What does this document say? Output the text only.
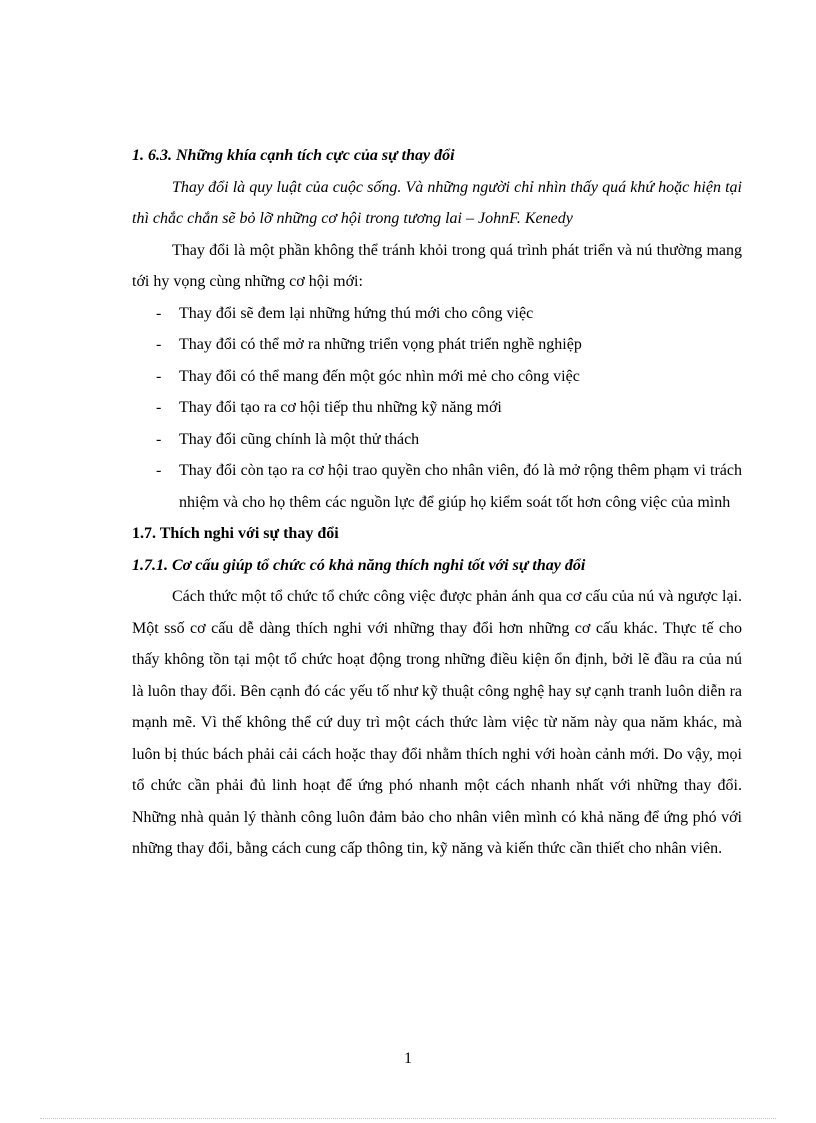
1. 6.3. Những khía cạnh tích cực của sự thay đổi

Thay đổi là quy luật của cuộc sống. Và những người chỉ nhìn thấy quá khứ hoặc hiện tại thì chắc chắn sẽ bỏ lỡ những cơ hội trong tương lai – JohnF. Kenedy

Thay đổi là một phần không thể tránh khỏi trong quá trình phát triển và nú thường mang tới hy vọng cùng những cơ hội mới:

- Thay đổi sẽ đem lại những hứng thú mới cho công việc
- Thay đổi có thể mở ra những triển vọng phát triển nghề nghiệp
- Thay đổi có thể mang đến một góc nhìn mới mẻ cho công việc
- Thay đổi tạo ra cơ hội tiếp thu những kỹ năng mới
- Thay đổi cũng chính là một thử thách
- Thay đổi còn tạo ra cơ hội trao quyền cho nhân viên, đó là mở rộng thêm phạm vi trách nhiệm và cho họ thêm các nguồn lực để giúp họ kiểm soát tốt hơn công việc của mình

1.7. Thích nghi với sự thay đổi

1.7.1. Cơ cấu giúp tổ chức có khả năng thích nghi tốt với sự thay đổi

Cách thức một tổ chức tổ chức công việc được phản ánh qua cơ cấu của nú và ngược lại. Một ssố cơ cấu dễ dàng thích nghi với những thay đổi hơn những cơ cấu khác. Thực tế cho thấy không tồn tại một tổ chức hoạt động trong những điều kiện ổn định, bởi lẽ đầu ra của nú là luôn thay đổi. Bên cạnh đó các yếu tố như kỹ thuật công nghệ hay sự cạnh tranh luôn diễn ra mạnh mẽ. Vì thế không thể cứ duy trì một cách thức làm việc từ năm này qua năm khác, mà luôn bị thúc bách phải cải cách hoặc thay đổi nhằm thích nghi với hoàn cảnh mới. Do vậy, mọi tổ chức cần phải đủ linh hoạt để ứng phó nhanh một cách nhanh nhất với những thay đổi. Những nhà quản lý thành công luôn đảm bảo cho nhân viên mình có khả năng để ứng phó với những thay đổi, bằng cách cung cấp thông tin, kỹ năng và kiến thức cần thiết cho nhân viên.

1
